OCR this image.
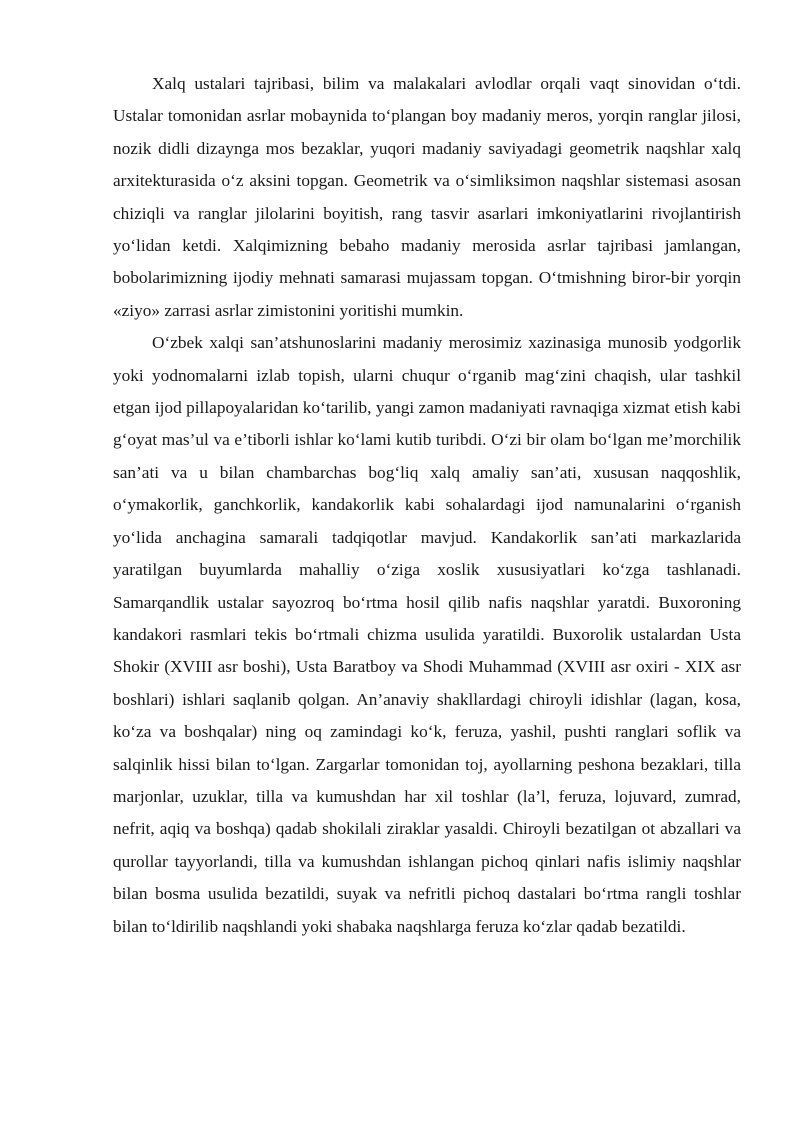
Xalq ustalari tajribasi, bilim va malakalari avlodlar orqali vaqt sinovidan o‘tdi. Ustalar tomonidan asrlar mobaynida to‘plangan boy madaniy meros, yorqin ranglar jilosi, nozik didli dizaynga mos bezaklar, yuqori madaniy saviyadagi geometrik naqshlar xalq arxitekturasida o‘z aksini topgan. Geometrik va o‘simliksimon naqshlar sistemasi asosan chiziqli va ranglar jilolarini boyitish, rang tasvir asarlari imkoniyatlarini rivojlantirish yo‘lidan ketdi. Xalqimizning bebaho madaniy merosida asrlar tajribasi jamlangan, bobolarimizning ijodiy mehnati samarasi mujassam topgan. O‘tmishning biror-bir yorqin «ziyo» zarrasi asrlar zimistonini yoritishi mumkin.

O‘zbek xalqi san’atshunoslarini madaniy merosimiz xazinasiga munosib yodgorlik yoki yodnomalarni izlab topish, ularni chuqur o‘rganib mag‘zini chaqish, ular tashkil etgan ijod pillapoyalaridan ko‘tarilib, yangi zamon madaniyati ravnaqiga xizmat etish kabi g‘oyat mas’ul va e’tiborli ishlar ko‘lami kutib turibdi. O‘zi bir olam bo‘lgan me’morchilik san’ati va u bilan chambarchas bog‘liq xalq amaliy san’ati, xususan naqqoshlik, o‘ymakorlik, ganchkorlik, kandakorlik kabi sohalardagi ijod namunalarini o‘rganish yo‘lida anchagina samarali tadqiqotlar mavjud. Kandakorlik san’ati markazlarida yaratilgan buyumlarda mahalliy o‘ziga xoslik xususiyatlari ko‘zga tashlanadi. Samarqandlik ustalar sayozroq bo‘rtma hosil qilib nafis naqshlar yaratdi. Buxoroning kandakori rasmlari tekis bo‘rtmali chizma usulida yaratildi. Buxorolik ustalardan Usta Shokir (XVIII asr boshi), Usta Baratboy va Shodi Muhammad (XVIII asr oxiri - XIX asr boshlari) ishlari saqlanib qolgan. An’anaviy shakllardagi chiroyli idishlar (lagan, kosa, ko‘za va boshqalar) ning oq zamindagi ko‘k, feruza, yashil, pushti ranglari soflik va salqinlik hissi bilan to‘lgan. Zargarlar tomonidan toj, ayollarning peshona bezaklari, tilla marjonlar, uzuklar, tilla va kumushdan har xil toshlar (la’l, feruza, lojuvard, zumrad, nefrit, aqiq va boshqa) qadab shokilali ziraklar yasaldi. Chiroyli bezatilgan ot abzallari va qurollar tayyorlandi, tilla va kumushdan ishlangan pichoq qinlari nafis islimiy naqshlar bilan bosma usulida bezatildi, suyak va nefritli pichoq dastalari bo‘rtma rangli toshlar bilan to‘ldirilib naqshlandi yoki shabaka naqshlarga feruza ko‘zlar qadab bezatildi.
